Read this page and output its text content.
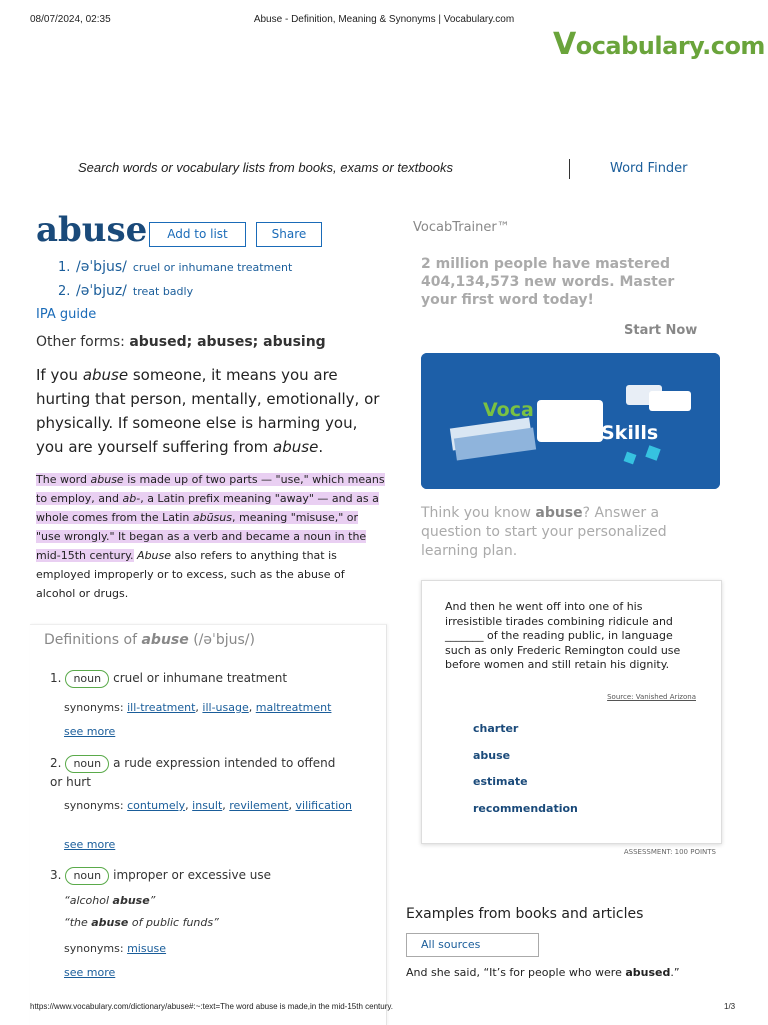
08/07/2024, 02:35	Abuse - Definition, Meaning & Synonyms | Vocabulary.com
Vocabulary.com
Search words or vocabulary lists from books, exams or textbooks	Word Finder
abuse	Add to list	Share
1. /əˈbjus/ cruel or inhumane treatment
2. /əˈbjuz/ treat badly
IPA guide
Other forms: abused; abuses; abusing
If you abuse someone, it means you are hurting that person, mentally, emotionally, or physically. If someone else is harming you, you are yourself suffering from abuse.
The word abuse is made up of two parts — "use," which means to employ, and ab-, a Latin prefix meaning "away" — and as a whole comes from the Latin abūsus, meaning "misuse," or "use wrongly." It began as a verb and became a noun in the mid-15th century. Abuse also refers to anything that is employed improperly or to excess, such as the abuse of alcohol or drugs.
Definitions of abuse (/əˈbjus/)
1. noun cruel or inhumane treatment
synonyms: ill-treatment, ill-usage, maltreatment
see more
2. noun a rude expression intended to offend or hurt
synonyms: contumely, insult, revilement, vilification
see more
3. noun improper or excessive use
“alcohol abuse”
“the abuse of public funds”
synonyms: misuse
see more
VocabTrainer™
2 million people have mastered 404,134,573 new words. Master your first word today!
Start Now
Voca
Skills
Think you know abuse? Answer a question to start your personalized learning plan.
And then he went off into one of his irresistible tirades combining ridicule and _______ of the reading public, in language such as only Frederic Remington could use before women and still retain his dignity.
Source: Vanished Arizona
charter
abuse
estimate
recommendation
ASSESSMENT: 100 POINTS
Examples from books and articles
All sources
And she said, “It’s for people who were abused.”
https://www.vocabulary.com/dictionary/abuse#:~:text=The word abuse is made,in the mid-15th century.	1/3
